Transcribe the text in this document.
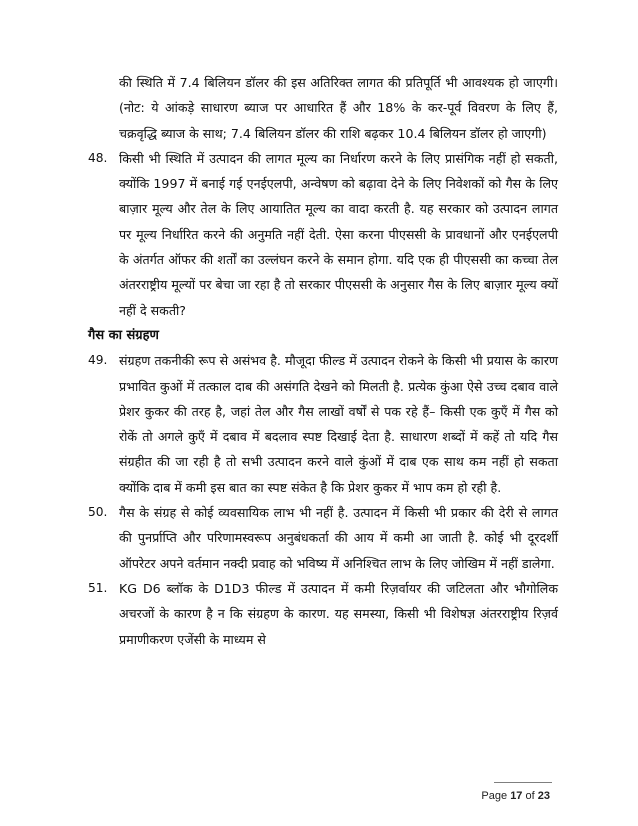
की स्थिति में 7.4 बिलियन डॉलर की इस अतिरिक्त लागत की प्रतिपूर्ति भी आवश्यक हो जाएगी। (नोट: ये आंकड़े साधारण ब्याज पर आधारित हैं और 18% के कर-पूर्व विवरण के लिए हैं, चक्रवृद्धि ब्याज के साथ; 7.4 बिलियन डॉलर की राशि बढ़कर 10.4 बिलियन डॉलर हो जाएगी)

48. किसी भी स्थिति में उत्पादन की लागत मूल्य का निर्धारण करने के लिए प्रासंगिक नहीं हो सकती, क्योंकि 1997 में बनाई गई एनईएलपी, अन्वेषण को बढ़ावा देने के लिए निवेशकों को गैस के लिए बाज़ार मूल्य और तेल के लिए आयातित मूल्य का वादा करती है. यह सरकार को उत्पादन लागत पर मूल्य निर्धारित करने की अनुमति नहीं देती. ऐसा करना पीएससी के प्रावधानों और एनईएलपी के अंतर्गत ऑफर की शर्तों का उल्लंघन करने के समान होगा. यदि एक ही पीएससी का कच्चा तेल अंतरराष्ट्रीय मूल्यों पर बेचा जा रहा है तो सरकार पीएससी के अनुसार गैस के लिए बाज़ार मूल्य क्यों नहीं दे सकती?

गैस का संग्रहण

49. संग्रहण तकनीकी रूप से असंभव है. मौजूदा फील्ड में उत्पादन रोकने के किसी भी प्रयास के कारण प्रभावित कुओं में तत्काल दाब की असंगति देखने को मिलती है. प्रत्येक कुंआ ऐसे उच्च दबाव वाले प्रेशर कुकर की तरह है, जहां तेल और गैस लाखों वर्षों से पक रहे हैं– किसी एक कुएँ में गैस को रोकें तो अगले कुएँ में दबाव में बदलाव स्पष्ट दिखाई देता है. साधारण शब्दों में कहें तो यदि गैस संग्रहीत की जा रही है तो सभी उत्पादन करने वाले कुंओं में दाब एक साथ कम नहीं हो सकता क्योंकि दाब में कमी इस बात का स्पष्ट संकेत है कि प्रेशर कुकर में भाप कम हो रही है.
50. गैस के संग्रह से कोई व्यवसायिक लाभ भी नहीं है. उत्पादन में किसी भी प्रकार की देरी से लागत की पुनर्प्राप्ति और परिणामस्वरूप अनुबंधकर्ता की आय में कमी आ जाती है. कोई भी दूरदर्शी ऑपरेटर अपने वर्तमान नक्दी प्रवाह को भविष्य में अनिश्चित लाभ के लिए जोखिम में नहीं डालेगा.
51. KG D6 ब्लॉक के D1D3 फील्ड में उत्पादन में कमी रिज़र्वायर की जटिलता और भौगोलिक अचरजों के कारण है न कि संग्रहण के कारण. यह समस्या, किसी भी विशेषज्ञ अंतरराष्ट्रीय रिज़र्व प्रमाणीकरण एजेंसी के माध्यम से
Page 17 of 23
